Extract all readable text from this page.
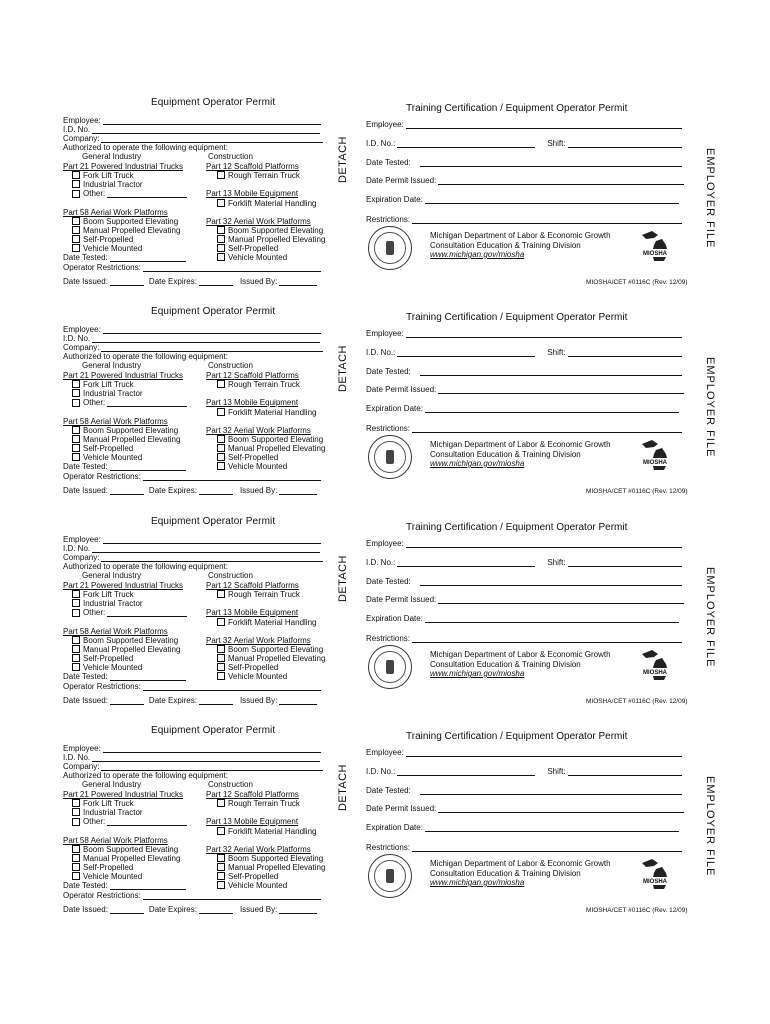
Equipment Operator Permit
Employee:
I.D. No.
Company:
Authorized to operate the following equipment:
General Industry	Construction
Part 21 Powered Industrial Trucks
Fork Lift Truck
Industrial Tractor
Other:
Part 12 Scaffold Platforms
Rough Terrain Truck
Part 13 Mobile Equipment
Forklift Material Handling
Part 58 Aerial Work Platforms
Part 32 Aerial Work Platforms
Boom Supported Elevating
Manual Propelled Elevating
Self-Propelled
Vehicle Mounted
Boom Supported Elevating
Manual Propelled Elevating
Self-Propelled
Vehicle Mounted
Date Tested:
Operator Restrictions:
Date Issued:	Date Expires:	Issued By:
DETACH
Training Certification / Equipment Operator Permit
Employee:
I.D. No.:	Shift:
Date Tested:
Date Permit Issued:
Expiration Date:
Restrictions:
Michigan Department of Labor & Economic Growth
Consultation Education & Training Division
www.michigan.gov/miosha	MIOSHA
MIOSHA/CET #0116C (Rev. 12/09)
EMPLOYER FILE
Equipment Operator Permit
Employee:
I.D. No.
Company:
Authorized to operate the following equipment:
General Industry	Construction
Part 21 Powered Industrial Trucks
Fork Lift Truck
Industrial Tractor
Other:
Part 12 Scaffold Platforms
Rough Terrain Truck
Part 13 Mobile Equipment
Forklift Material Handling
Part 58 Aerial Work Platforms
Part 32 Aerial Work Platforms
Boom Supported Elevating
Manual Propelled Elevating
Self-Propelled
Vehicle Mounted
Boom Supported Elevating
Manual Propelled Elevating
Self-Propelled
Vehicle Mounted
Date Tested:
Operator Restrictions:
Date Issued:	Date Expires:	Issued By:
DETACH
Training Certification / Equipment Operator Permit
Employee:
I.D. No.:	Shift:
Date Tested:
Date Permit Issued:
Expiration Date:
Restrictions:
Michigan Department of Labor & Economic Growth
Consultation Education & Training Division
www.michigan.gov/miosha	MIOSHA
MIOSHA/CET #0116C (Rev. 12/09)
EMPLOYER FILE
Equipment Operator Permit
Employee:
I.D. No.
Company:
Authorized to operate the following equipment:
General Industry	Construction
Part 21 Powered Industrial Trucks
Fork Lift Truck
Industrial Tractor
Other:
Part 12 Scaffold Platforms
Rough Terrain Truck
Part 13 Mobile Equipment
Forklift Material Handling
Part 58 Aerial Work Platforms
Part 32 Aerial Work Platforms
Boom Supported Elevating
Manual Propelled Elevating
Self-Propelled
Vehicle Mounted
Boom Supported Elevating
Manual Propelled Elevating
Self-Propelled
Vehicle Mounted
Date Tested:
Operator Restrictions:
Date Issued:	Date Expires:	Issued By:
DETACH
Training Certification / Equipment Operator Permit
Employee:
I.D. No.:	Shift:
Date Tested:
Date Permit Issued:
Expiration Date:
Restrictions:
Michigan Department of Labor & Economic Growth
Consultation Education & Training Division
www.michigan.gov/miosha	MIOSHA
MIOSHA/CET #0116C (Rev. 12/09)
EMPLOYER FILE
Equipment Operator Permit
Employee:
I.D. No.
Company:
Authorized to operate the following equipment:
General Industry	Construction
Part 21 Powered Industrial Trucks
Fork Lift Truck
Industrial Tractor
Other:
Part 12 Scaffold Platforms
Rough Terrain Truck
Part 13 Mobile Equipment
Forklift Material Handling
Part 58 Aerial Work Platforms
Part 32 Aerial Work Platforms
Boom Supported Elevating
Manual Propelled Elevating
Self-Propelled
Vehicle Mounted
Boom Supported Elevating
Manual Propelled Elevating
Self-Propelled
Vehicle Mounted
Date Tested:
Operator Restrictions:
Date Issued:	Date Expires:	Issued By:
DETACH
Training Certification / Equipment Operator Permit
Employee:
I.D. No.:	Shift:
Date Tested:
Date Permit Issued:
Expiration Date:
Restrictions:
Michigan Department of Labor & Economic Growth
Consultation Education & Training Division
www.michigan.gov/miosha	MIOSHA
MIOSHA/CET #0116C (Rev. 12/09)
EMPLOYER FILE
